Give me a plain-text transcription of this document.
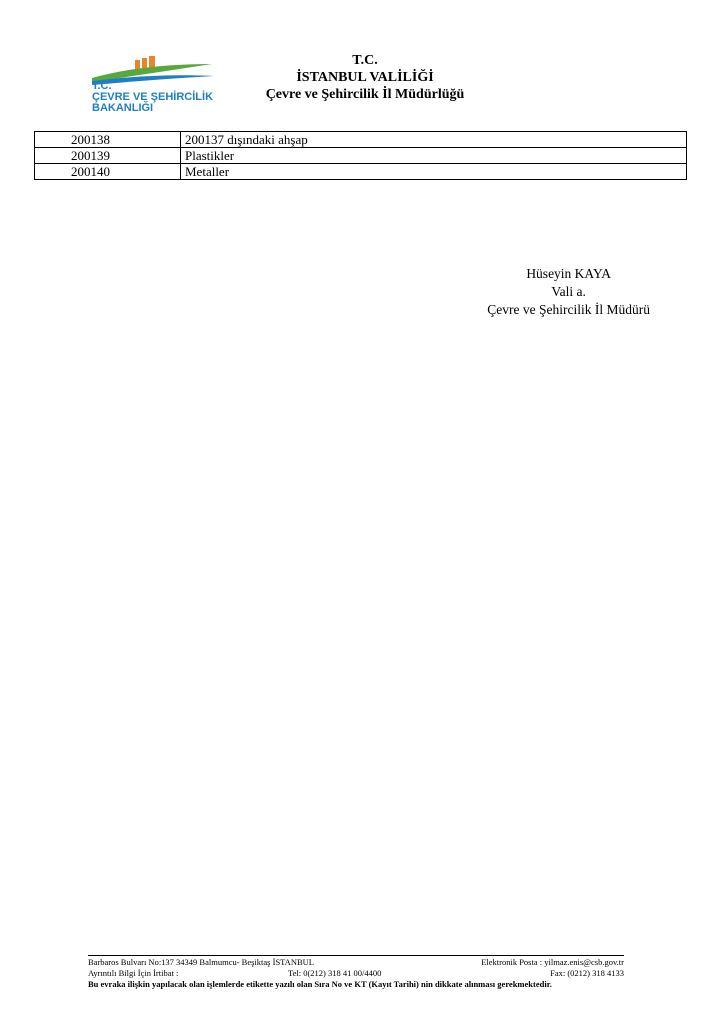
T.C.
ÇEVRE VE ŞEHİRCİLİK
BAKANLIĞI
T.C.
İSTANBUL VALİLİĞİ
Çevre ve Şehircilik İl Müdürlüğü
200138	200137 dışındaki ahşap
200139	Plastikler
200140	Metaller
Hüseyin KAYA
Vali a.
Çevre ve Şehircilik İl Müdürü
Barbaros Bulvarı No:137 34349 Balmumcu- Beşiktaş İSTANBUL	Elektronik Posta : yilmaz.enis@csb.gov.tr
Ayrıntılı Bilgi İçin İrtibat :	Tel: 0(212) 318 41 00/4400	Fax: (0212) 318 4133
Bu evraka ilişkin yapılacak olan işlemlerde etikette yazılı olan Sıra No ve KT (Kayıt Tarihi) nin dikkate alınması gerekmektedir.
